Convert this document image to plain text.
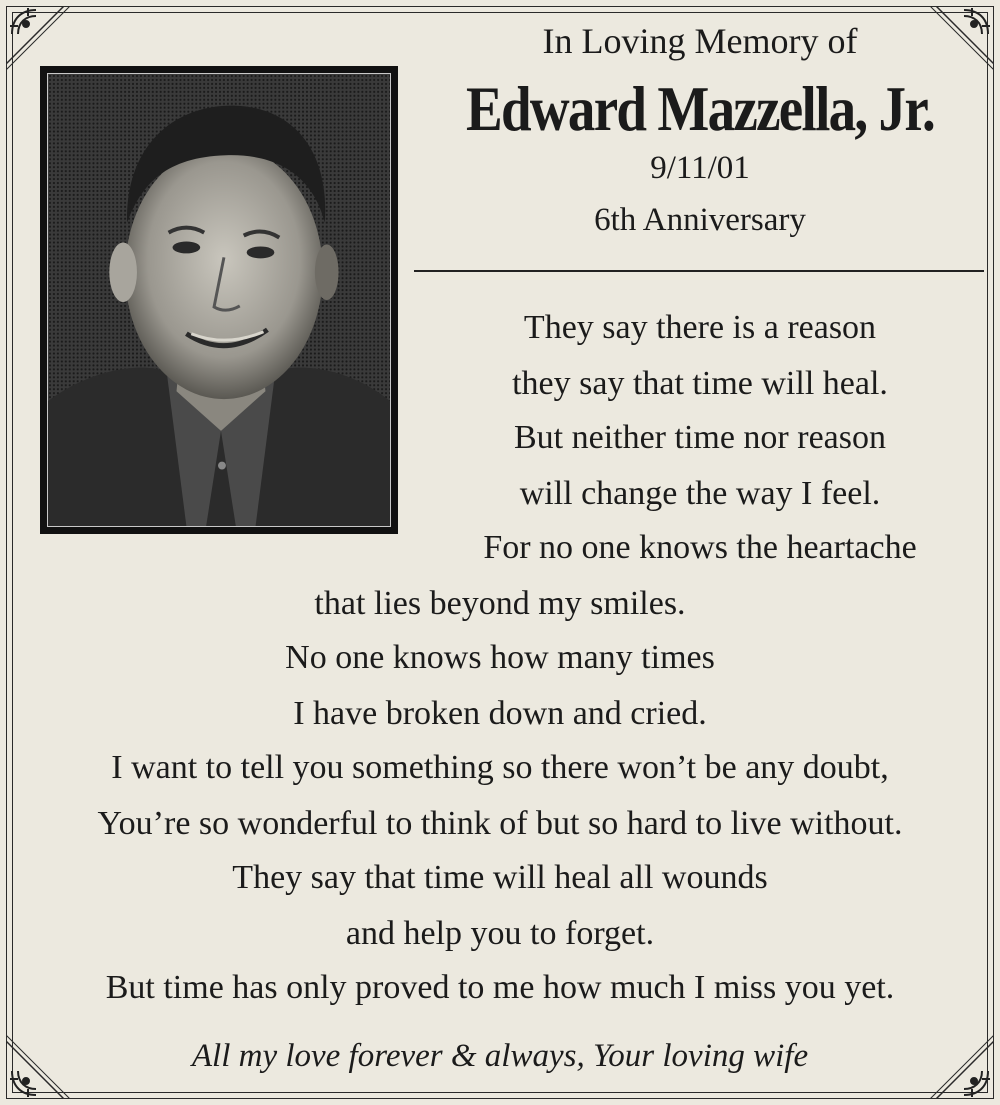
In Loving Memory of
Edward Mazzella, Jr.
9/11/01
6th Anniversary
They say there is a reason
they say that time will heal.
But neither time nor reason
will change the way I feel.
For no one knows the heartache
that lies beyond my smiles.
No one knows how many times
I have broken down and cried.
I want to tell you something so there won’t be any doubt,
You’re so wonderful to think of but so hard to live without.
They say that time will heal all wounds
and help you to forget.
But time has only proved to me how much I miss you yet.
All my love forever & always, Your loving wife
